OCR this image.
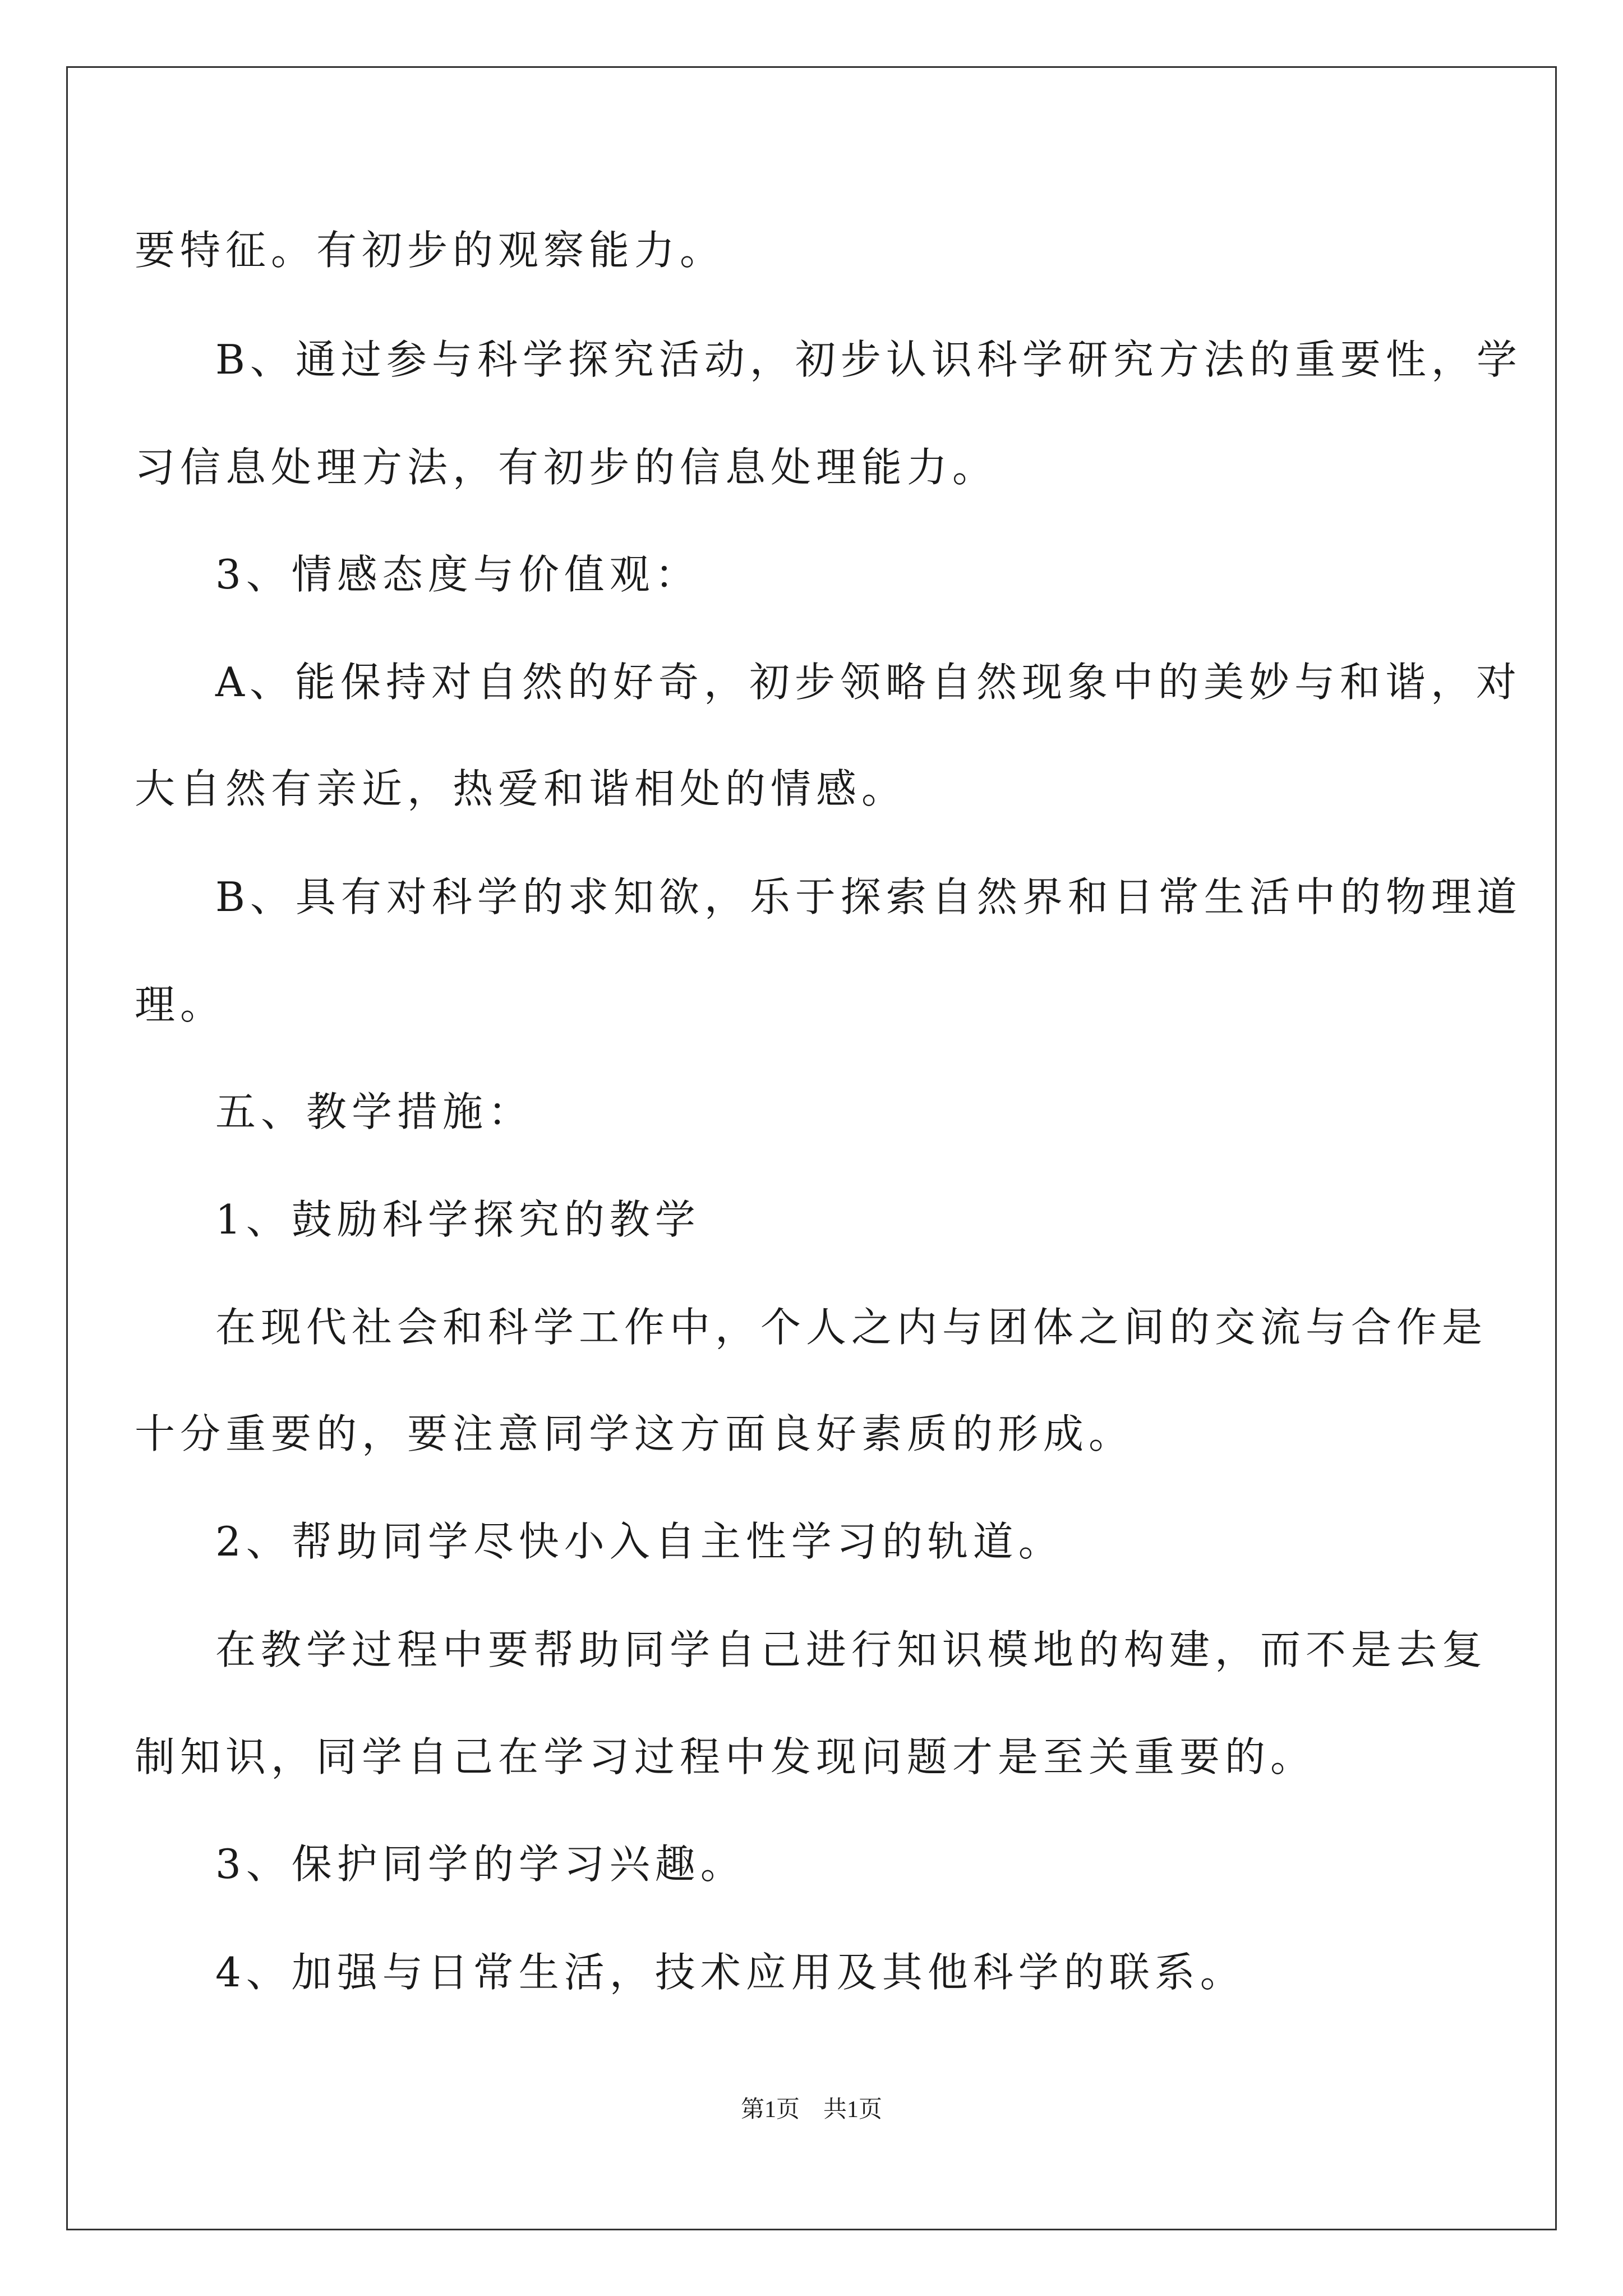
要特征。有初步的观察能力。
B、通过参与科学探究活动，初步认识科学研究方法的重要性，学
习信息处理方法，有初步的信息处理能力。
3、情感态度与价值观：
A、能保持对自然的好奇，初步领略自然现象中的美妙与和谐，对
大自然有亲近，热爱和谐相处的情感。
B、具有对科学的求知欲，乐于探索自然界和日常生活中的物理道
理。
五、教学措施：
1、鼓励科学探究的教学
在现代社会和科学工作中，个人之内与团体之间的交流与合作是
十分重要的，要注意同学这方面良好素质的形成。
2、帮助同学尽快小入自主性学习的轨道。
在教学过程中要帮助同学自己进行知识模地的构建，而不是去复
制知识，同学自己在学习过程中发现问题才是至关重要的。
3、保护同学的学习兴趣。
4、加强与日常生活，技术应用及其他科学的联系。
第1页　共1页
